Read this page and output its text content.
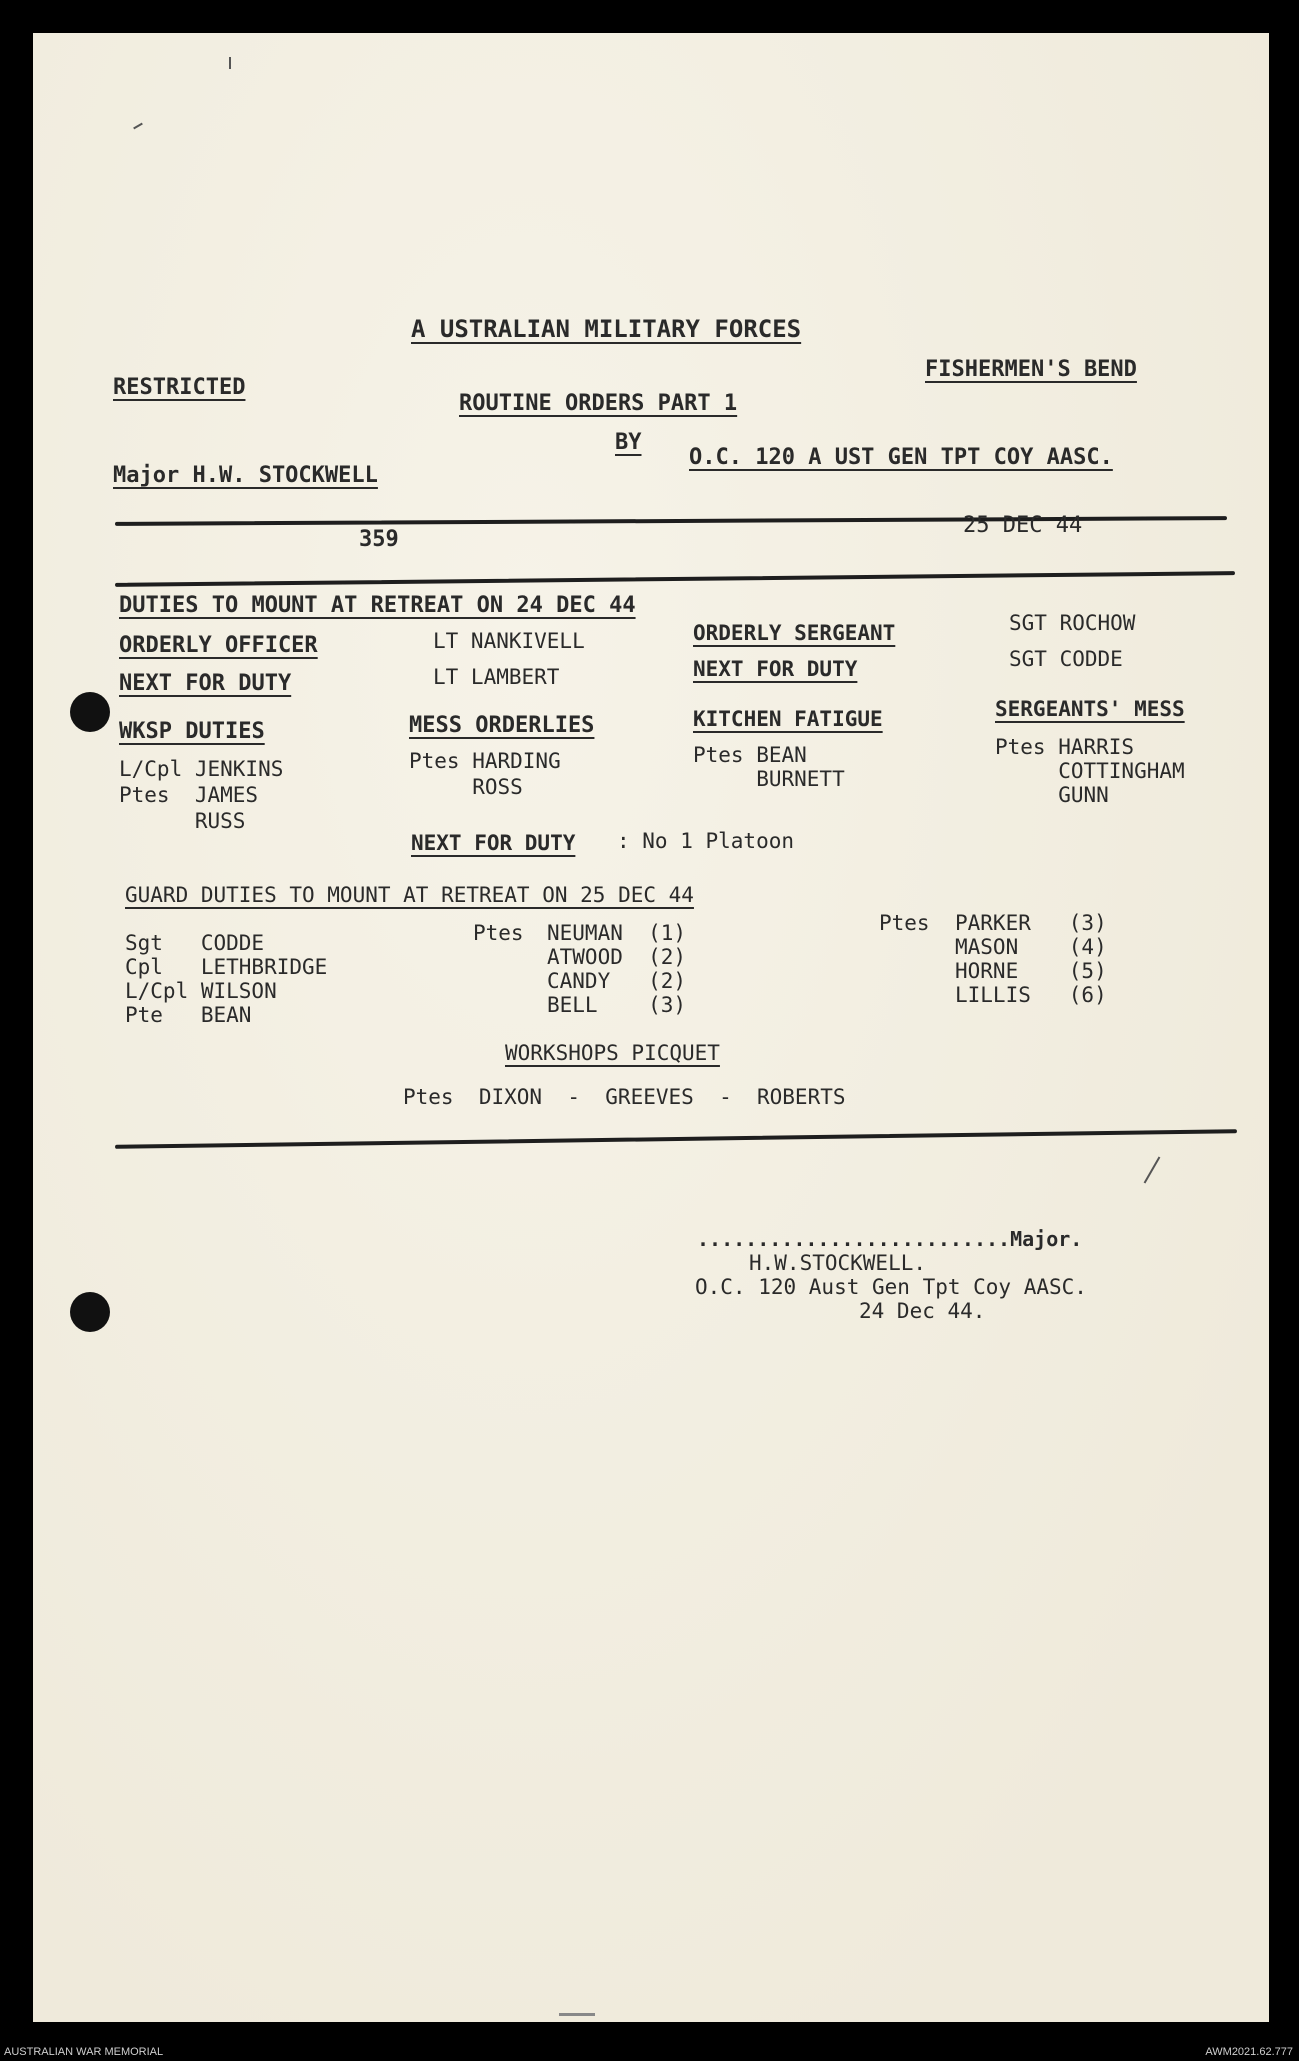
A USTRALIAN MILITARY FORCES
RESTRICTED
FISHERMEN'S BEND
ROUTINE ORDERS PART 1
BY
Major H.W. STOCKWELL
O.C. 120 A UST GEN TPT COY AASC.
359
25 DEC 44
DUTIES TO MOUNT AT RETREAT ON 24 DEC 44
ORDERLY OFFICER	LT NANKIVELL	ORDERLY SERGEANT	SGT ROCHOW
NEXT FOR DUTY	LT LAMBERT	NEXT FOR DUTY	SGT CODDE
WKSP DUTIES
L/Cpl JENKINS
Ptes  JAMES
RUSS
MESS ORDERLIES
Ptes HARDING
ROSS
KITCHEN FATIGUE
Ptes BEAN
BURNETT
SERGEANTS' MESS
Ptes HARRIS
COTTINGHAM
GUNN
NEXT FOR DUTY : No 1 Platoon
GUARD DUTIES TO MOUNT AT RETREAT ON 25 DEC 44
Sgt   CODDE
Cpl   LETHBRIDGE
L/Cpl WILSON
Pte   BEAN
Ptes NEUMAN  (1)
ATWOOD  (2)
CANDY   (2)
BELL    (3)
Ptes PARKER   (3)
MASON    (4)
HORNE    (5)
LILLIS   (6)
WORKSHOPS PICQUET
Ptes  DIXON  -  GREEVES  -  ROBERTS
..........................Major.
H.W.STOCKWELL.
O.C. 120 Aust Gen Tpt Coy AASC.
24 Dec 44.
AUSTRALIAN WAR MEMORIAL	AWM2021.62.777
